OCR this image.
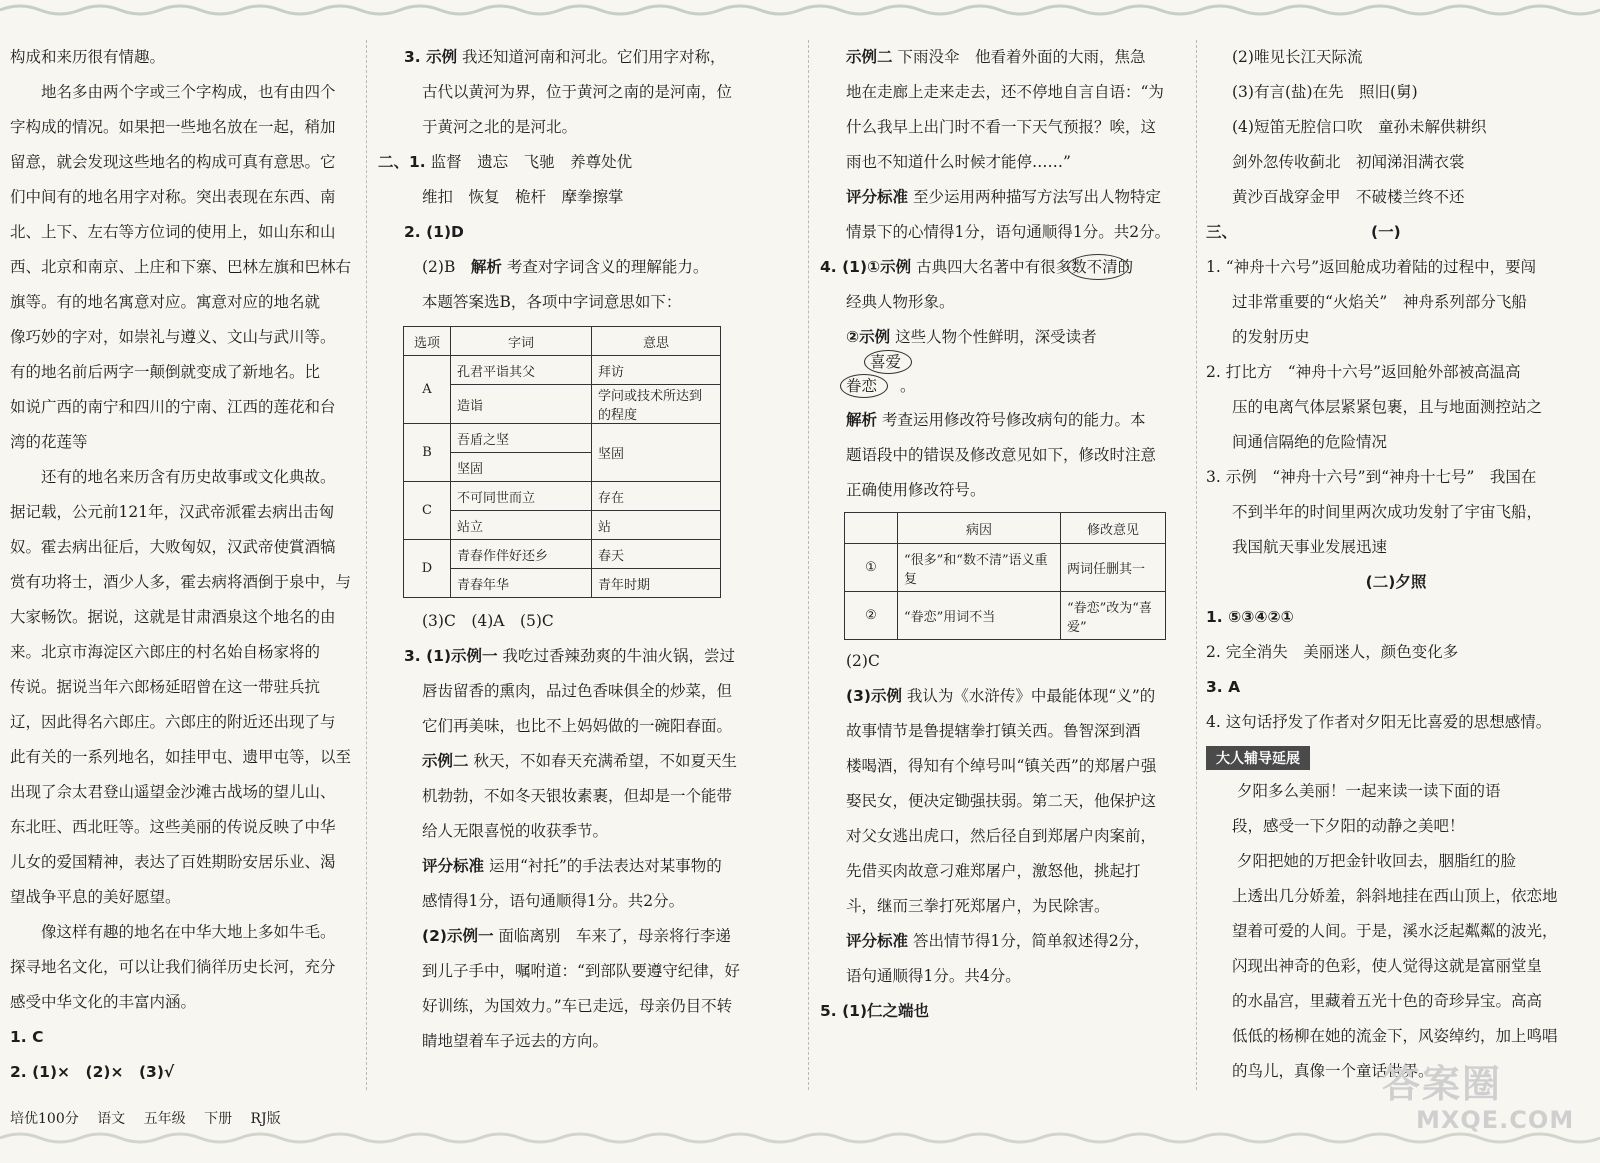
构成和来历很有情趣。

地名多由两个字或三个字构成，也有由四个

字构成的情况。如果把一些地名放在一起，稍加

留意，就会发现这些地名的构成可真有意思。它

们中间有的地名用字对称。突出表现在东西、南

北、上下、左右等方位词的使用上，如山东和山

西、北京和南京、上庄和下寨、巴林左旗和巴林右

旗等。有的地名寓意对应。寓意对应的地名就

像巧妙的字对，如崇礼与遵义、文山与武川等。

有的地名前后两字一颠倒就变成了新地名。比

如说广西的南宁和四川的宁南、江西的莲花和台

湾的花莲等

还有的地名来历含有历史故事或文化典故。

据记载，公元前121年，汉武帝派霍去病出击匈

奴。霍去病出征后，大败匈奴，汉武帝使賞酒犒

赏有功将士，酒少人多，霍去病将酒倒于泉中，与

大家畅饮。据说，这就是甘肃酒泉这个地名的由

来。北京市海淀区六郎庄的村名始自杨家将的

传说。据说当年六郎杨延昭曾在这一带驻兵抗

辽，因此得名六郎庄。六郎庄的附近还出现了与

此有关的一系列地名，如挂甲屯、遗甲屯等，以至

出现了佘太君登山遥望金沙滩古战场的望儿山、

东北旺、西北旺等。这些美丽的传说反映了中华

儿女的爱国精神，表达了百姓期盼安居乐业、渴

望战争平息的美好愿望。

像这样有趣的地名在中华大地上多如牛毛。

探寻地名文化，可以让我们徜徉历史长河，充分

感受中华文化的丰富内涵。

1. C

2. (1)×　(2)×　(3)√

3. 示例 我还知道河南和河北。它们用字对称，

古代以黄河为界，位于黄河之南的是河南，位

于黄河之北的是河北。

二、1. 监督　遗忘　飞驰　养尊处优

维扣　恢复　桅杆　摩拳擦掌

2. (1)D

(2)B　 解析 考查对字词含义的理解能力。

本题答案选B，各项中字词意思如下：

选项	字词	意思
A	孔君平诣其父	拜访
	造诣	学问或技术所达到的程度
B	吾盾之坚	坚固
	坚固	
C	不可同世而立	存在
	站立	站
D	青春作伴好还乡	春天
	青春年华	青年时期

(3)C　(4)A　(5)C

3. (1)示例一 我吃过香辣劲爽的牛油火锅，尝过

唇齿留香的熏肉，品过色香味俱全的炒菜，但

它们再美味，也比不上妈妈做的一碗阳春面。

示例二 秋天，不如春天充满希望，不如夏天生

机勃勃，不如冬天银妆素裹，但却是一个能带

给人无限喜悦的收获季节。

评分标准 运用“衬托”的手法表达对某事物的

感情得1分，语句通顺得1分。共2分。

(2)示例一 面临离别　车来了，母亲将行李递

到儿子手中，嘱咐道：“到部队要遵守纪律，好

好训练，为国效力。”车已走远，母亲仍目不转

睛地望着车子远去的方向。

示例二 下雨没伞　他看着外面的大雨，焦急

地在走廊上走来走去，还不停地自言自语：“为

什么我早上出门时不看一下天气预报？唉，这

雨也不知道什么时候才能停……”

评分标准 至少运用两种描写方法写出人物特定

情景下的心情得1分，语句通顺得1分。共2分。

4. (1)①示例 古典四大名著中有很多数不清
的

经典人物形象。

②示例 这些人物个性鲜明，深受读者

喜爱
眷恋 。

解析 考查运用修改符号修改病句的能力。本

题语段中的错误及修改意见如下，修改时注意

正确使用修改符号。

	病因	修改意见
①	“很多”和“数不清”语义重复	两词任删其一
②	“眷恋”用词不当	“眷恋”改为“喜爱”

(2)C

(3)示例 我认为《水浒传》中最能体现“义”的

故事情节是鲁提辖拳打镇关西。鲁智深到酒

楼喝酒，得知有个绰号叫“镇关西”的郑屠户强

娶民女，便决定锄强扶弱。第二天，他保护这

对父女逃出虎口，然后径自到郑屠户肉案前，

先借买肉故意刁难郑屠户，激怒他，挑起打

斗，继而三拳打死郑屠户，为民除害。

评分标准 答出情节得1分，简单叙述得2分，

语句通顺得1分。共4分。

5. (1)仁之端也

(2)唯见长江天际流

(3)有言(盐)在先　照旧(舅)

(4)短笛无腔信口吹　童孙未解供耕织

剑外忽传收蓟北　初闻涕泪满衣裳

黄沙百战穿金甲　不破楼兰终不还

三、	(一)

1. “神舟十六号”返回舱成功着陆的过程中，要闯

过非常重要的“火焰关”　神舟系列部分飞船

的发射历史

2. 打比方　“神舟十六号”返回舱外部被高温高

压的电离气体层紧紧包裹，且与地面测控站之

间通信隔绝的危险情况

3. 示例　“神舟十六号”到“神舟十七号”　我国在

不到半年的时间里两次成功发射了宇宙飞船，

我国航天事业发展迅速

(二)夕照

1. ⑤③④②①

2. 完全消失　美丽迷人，颜色变化多

3. A

4. 这句话抒发了作者对夕阳无比喜爱的思想感情。

大人辅导延展

夕阳多么美丽！一起来读一读下面的语

段，感受一下夕阳的动静之美吧！

夕阳把她的万把金针收回去，胭脂红的脸

上透出几分娇羞，斜斜地挂在西山顶上，依恋地

望着可爱的人间。于是，溪水泛起粼粼的波光，

闪现出神奇的色彩，使人觉得这就是富丽堂皇

的水晶宫，里藏着五光十色的奇珍异宝。高高

低低的杨柳在她的流金下，风姿绰约，加上鸣唱

的鸟儿，真像一个童话世界。

培优100分 语文 五年级 下册 RJ版
答案圈
MXQE.COM
